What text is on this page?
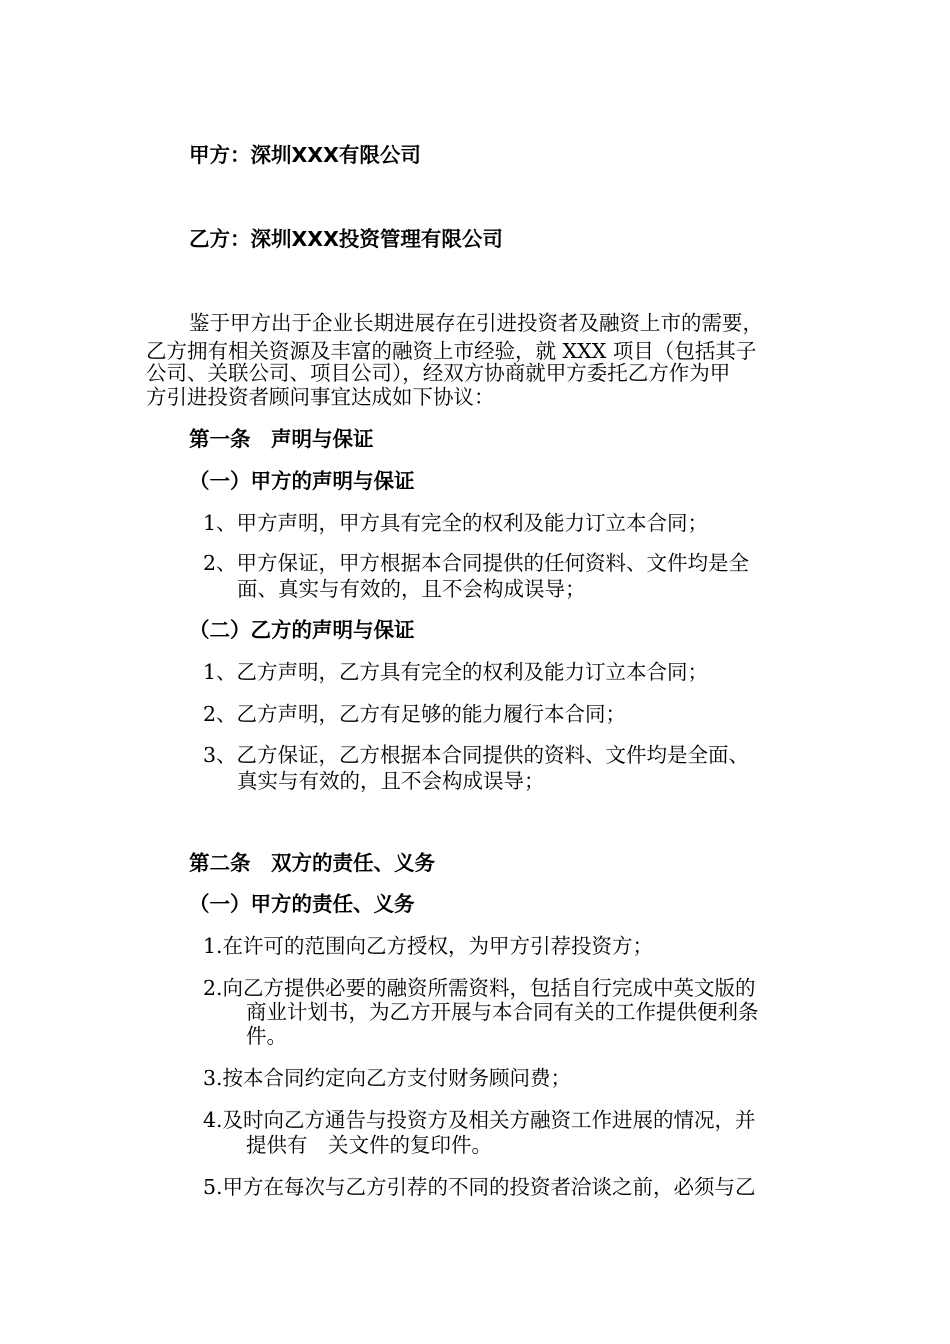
甲方：深圳XXX有限公司
乙方：深圳XXX投资管理有限公司
鉴于甲方出于企业长期进展存在引进投资者及融资上市的需要，
乙方拥有相关资源及丰富的融资上市经验，就 XXX 项目（包括其子
公司、关联公司、项目公司），经双方协商就甲方委托乙方作为甲
方引进投资者顾问事宜达成如下协议：
第一条　声明与保证
（一）甲方的声明与保证
1、甲方声明，甲方具有完全的权利及能力订立本合同；
2、甲方保证，甲方根据本合同提供的任何资料、文件均是全
面、真实与有效的，且不会构成误导；
（二）乙方的声明与保证
1、乙方声明，乙方具有完全的权利及能力订立本合同；
2、乙方声明，乙方有足够的能力履行本合同；
3、乙方保证，乙方根据本合同提供的资料、文件均是全面、
真实与有效的，且不会构成误导；
第二条　双方的责任、义务
（一）甲方的责任、义务
1.在许可的范围向乙方授权，为甲方引荐投资方；
2.向乙方提供必要的融资所需资料，包括自行完成中英文版的
商业计划书，为乙方开展与本合同有关的工作提供便利条
件。
3.按本合同约定向乙方支付财务顾问费；
4.及时向乙方通告与投资方及相关方融资工作进展的情况，并
提供有　关文件的复印件。
5.甲方在每次与乙方引荐的不同的投资者洽谈之前，必须与乙
